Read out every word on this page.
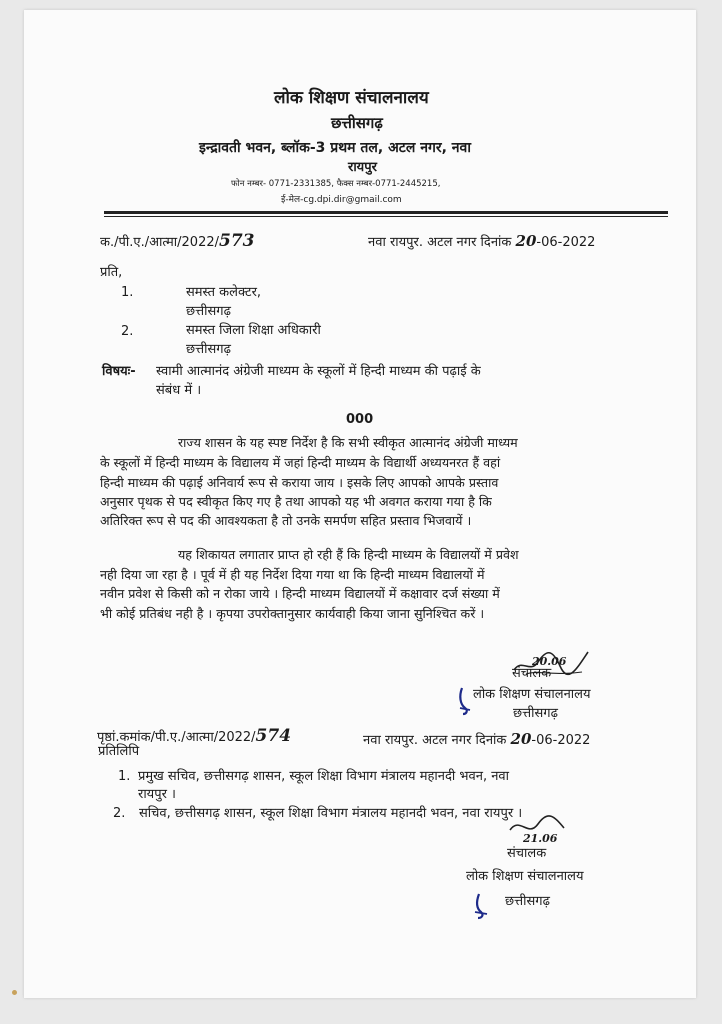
लोक शिक्षण संचालनालय
छत्तीसगढ़
इन्द्रावती भवन, ब्लॉक-3 प्रथम तल, अटल नगर, नवा
रायपुर
फोन नम्बर- 0771-2331385, फैक्स नम्बर-0771-2445215,
ई-मेल-cg.dpi.dir@gmail.com
क./पी.ए./आत्मा/2022/573	नवा रायपुर. अटल नगर दिनांक 20-06-2022
प्रति,
1.	समस्त कलेक्टर,
छत्तीसगढ़
2.	समस्त जिला शिक्षा अधिकारी
छत्तीसगढ़
विषयः- स्वामी आत्मानंद अंग्रेजी माध्यम के स्कूलों में हिन्दी माध्यम की पढ़ाई के
संबंध में ।
000
राज्य शासन के यह स्पष्ट निर्देश है कि सभी स्वीकृत आत्मानंद अंग्रेजी माध्यम
के स्कूलों में हिन्दी माध्यम के विद्यालय में जहां हिन्दी माध्यम के विद्यार्थी अध्ययनरत हैं वहां
हिन्दी माध्यम की पढ़ाई अनिवार्य रूप से कराया जाय । इसके लिए आपको आपके प्रस्ताव
अनुसार पृथक से पद स्वीकृत किए गए है तथा आपको यह भी अवगत कराया गया है कि
अतिरिक्त रूप से पद की आवश्यकता है तो उनके समर्पण सहित प्रस्ताव भिजवायें ।
यह शिकायत लगातार प्राप्त हो रही हैं कि हिन्दी माध्यम के विद्यालयों में प्रवेश
नही दिया जा रहा है । पूर्व में ही यह निर्देश दिया गया था कि हिन्दी माध्यम विद्यालयों में
नवीन प्रवेश से किसी को न रोका जाये । हिन्दी माध्यम विद्यालयों में कक्षावार दर्ज संख्या में
भी कोई प्रतिबंध नही है । कृपया उपरोक्तानुसार कार्यवाही किया जाना सुनिश्चित करें ।
20.06
संचालक
लोक शिक्षण संचालनालय
छत्तीसगढ़
पृष्ठां.कमांक/पी.ए./आत्मा/2022/574	नवा रायपुर. अटल नगर दिनांक 20-06-2022
प्रतिलिपि
1. प्रमुख सचिव, छत्तीसगढ़ शासन, स्कूल शिक्षा विभाग मंत्रालय महानदी भवन, नवा
रायपुर ।
2. सचिव, छत्तीसगढ़ शासन, स्कूल शिक्षा विभाग मंत्रालय महानदी भवन, नवा रायपुर ।
21.06
संचालक
लोक शिक्षण संचालनालय
छत्तीसगढ़
